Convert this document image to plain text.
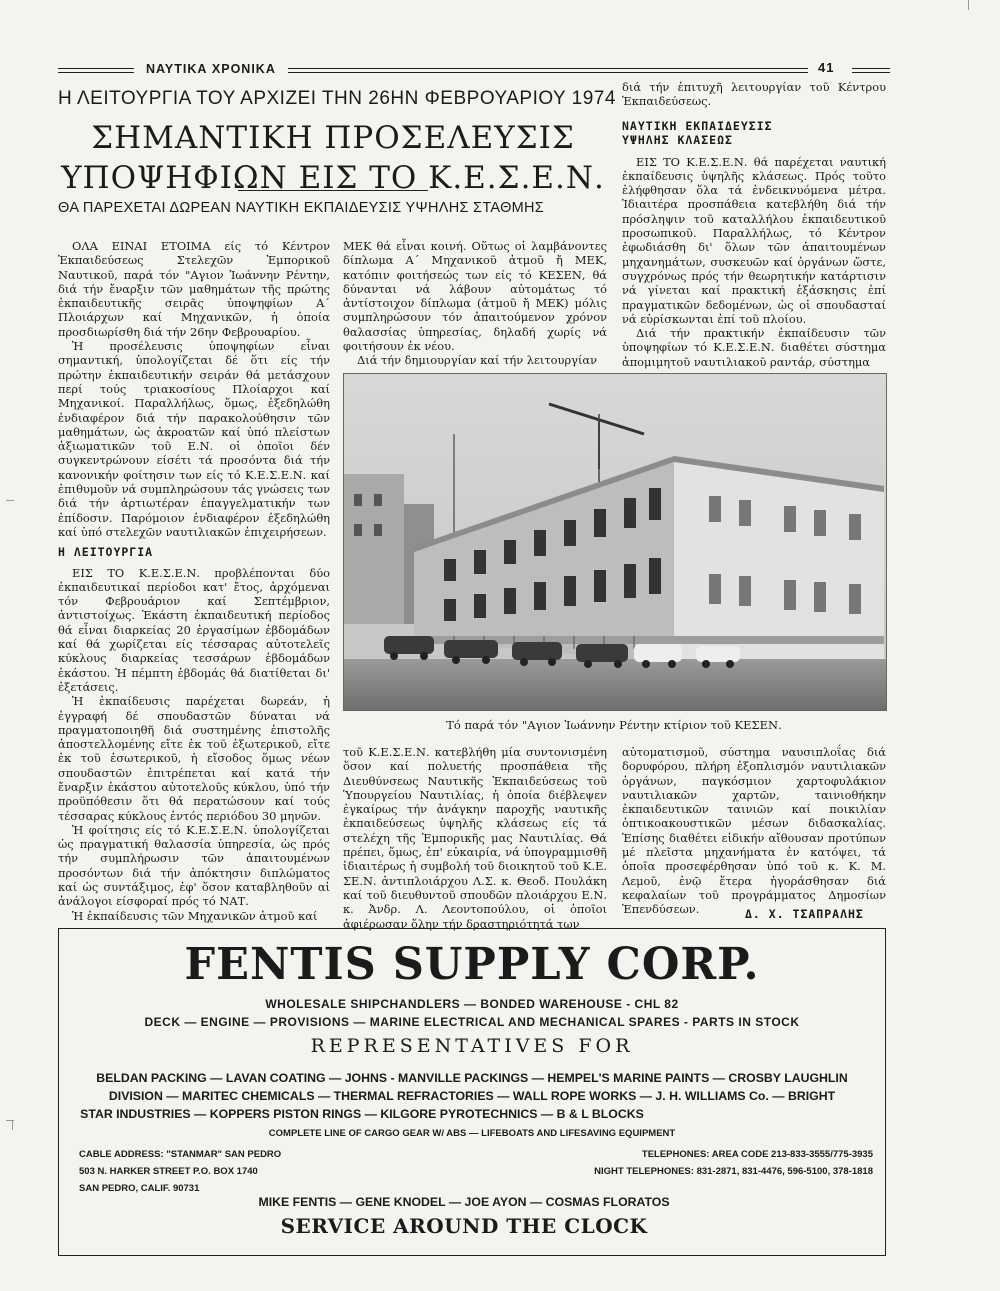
ΝΑΥΤΙΚΑ ΧΡΟΝΙΚΑ	41
Η ΛΕΙΤΟΥΡΓΙΑ ΤΟΥ ΑΡΧΙΖΕΙ ΤΗΝ 26ΗΝ ΦΕΒΡΟΥΑΡΙΟΥ 1974
ΣΗΜΑΝΤΙΚΗ ΠΡΟΣΕΛΕΥΣΙΣ
ΥΠΟΨΗΦΙΩΝ ΕΙΣ ΤΟ Κ.Ε.Σ.Ε.Ν.
ΘΑ ΠΑΡΕΧΕΤΑΙ ΔΩΡΕΑΝ ΝΑΥΤΙΚΗ ΕΚΠΑΙΔΕΥΣΙΣ ΥΨΗΛΗΣ ΣΤΑΘΜΗΣ

ΟΛΑ ΕΙΝΑΙ ΕΤΟΙΜΑ είς τό Κέντρον Ἐκπαιδεύσεως Στελεχῶν Ἐμπορικοῦ Ναυτικοῦ, παρά τόν "Αγιον Ἰωάννην Ρέντην, διά τήν ἔναρξιν τῶν μαθημάτων τῆς πρώτης ἐκπαιδευτικῆς σειρᾶς ὑποψηφίων Α΄ Πλοιάρχων καί Μηχανικῶν, ἡ ὁποία προσδιωρίσθη διά τήν 26ην Φεβρουαρίου.

Ἡ προσέλευσις ὑποψηφίων εἶναι σημαντική, ὑπολογίζεται δέ ὅτι είς τήν πρώτην ἐκπαιδευτικήν σειράν θά μετάσχουν περί τούς τριακοσίους Πλοίαρχοι καί Μηχανικοί. Παραλλήλως, ὅμως, ἐξεδηλώθη ἐνδιαφέρον διά τήν παρακολούθησιν τῶν μαθημάτων, ὡς ἀκροατῶν καί ὑπό πλείστων ἀξιωματικῶν τοῦ Ε.Ν. οἱ ὁποῖοι δέν συγκεντρώνουν είσέτι τά προσόντα διά τήν κανονικήν φοίτησιν των είς τό Κ.Ε.Σ.Ε.Ν. καί ἐπιθυμοῦν νά συμπληρώσουν τάς γνώσεις των διά τήν ἀρτιωτέραν ἐπαγγελματικήν των ἐπίδοσιν. Παρόμοιον ἐνδιαφέρον ἐξεδηλώθη καί ὑπό στελεχῶν ναυτιλιακῶν ἐπιχειρήσεων.

Η ΛΕΙΤΟΥΡΓΙΑ

ΕΙΣ ΤΟ Κ.Ε.Σ.Ε.Ν. προβλέπονται δύο ἐκπαιδευτικαί περίοδοι κατ' ἔτος, ἀρχόμεναι τόν Φεβρουάριον καί Σεπτέμβριον, ἀντιστοίχως. Ἑκάστη ἐκπαιδευτική περίοδος θά εἶναι διαρκείας 20 ἐργασίμων ἑβδομάδων καί θά χωρίζεται είς τέσσαρας αὐτοτελεῖς κύκλους διαρκείας τεσσάρων ἑβδομάδων ἑκάστου. Ἡ πέμπτη ἑβδομάς θά διατίθεται δι' ἐξετάσεις.

Ἡ ἐκπαίδευσις παρέχεται δωρεάν, ἡ ἐγγραφή δέ σπουδαστῶν δύναται νά πραγματοποιηθῆ διά συστημένης ἐπιστολῆς ἀποστελλομένης εἴτε ἐκ τοῦ ἐξωτερικοῦ, εἴτε ἐκ τοῦ ἐσωτερικοῦ, ἡ εἴσοδος ὅμως νέων σπουδαστῶν ἐπιτρέπεται καί κατά τήν ἔναρξιν ἑκάστου αὐτοτελοῦς κύκλου, ὑπό τήν προϋπόθεσιν ὅτι θά περατώσουν καί τούς τέσσαρας κύκλους ἐντός περιόδου 30 μηνῶν.

Ἡ φοίτησις είς τό Κ.Ε.Σ.Ε.Ν. ὑπολογίζεται ὡς πραγματική θαλασσία ὑπηρεσία, ὡς πρός τήν συμπλήρωσιν τῶν ἀπαιτουμένων προσόντων διά τήν ἀπόκτησιν διπλώματος καί ὡς συντάξιμος, ἐφ' ὅσον καταβληθοῦν αἱ ἀνάλογοι είσφοραί πρός τό ΝΑΤ.

Ἡ ἐκπαίδευσις τῶν Μηχανικῶν ἀτμοῦ καί

ΜΕΚ θά εἶναι κοινή. Οὕτως οἱ λαμβάνοντες δίπλωμα Α΄ Μηχανικοῦ ἀτμοῦ ἤ ΜΕΚ, κατόπιν φοιτήσεώς των είς τό ΚΕΣΕΝ, θά δύνανται νά λάβουν αὐτομάτως τό ἀντίστοιχον δίπλωμα (ἀτμοῦ ἤ ΜΕΚ) μόλις συμπληρώσουν τόν ἀπαιτούμενον χρόνον θαλασσίας ὑπηρεσίας, δηλαδή χωρίς νά φοιτήσουν ἐκ νέου.

Διά τήν δημιουργίαν καί τήν λειτουργίαν

διά τήν ἐπιτυχῆ λειτουργίαν τοῦ Κέντρου Ἐκπαιδεύσεως.

ΝΑΥΤΙΚΗ ΕΚΠΑΙΔΕΥΣΙΣ
ΥΨΗΛΗΣ ΚΛΑΣΕΩΣ

ΕΙΣ ΤΟ Κ.Ε.Σ.Ε.Ν. θά παρέχεται ναυτική ἐκπαίδευσις ὑψηλῆς κλάσεως. Πρός τοῦτο ἐλήφθησαν ὅλα τά ἐνδεικνυόμενα μέτρα. Ἰδιαιτέρα προσπάθεια κατεβλήθη διά τήν πρόσληψιν τοῦ καταλλήλου ἐκπαιδευτικοῦ προσωπικοῦ. Παραλλήλως, τό Κέντρον ἐφωδιάσθη δι' ὅλων τῶν ἀπαιτουμένων μηχανημάτων, συσκευῶν καί ὀργάνων ὥστε, συγχρόνως πρός τήν θεωρητικήν κατάρτισιν νά γίνεται καί πρακτική ἐξάσκησις ἐπί πραγματικῶν δεδομένων, ὡς οἱ σπουδασταί νά εὑρίσκωνται ἐπί τοῦ πλοίου.

Διά τήν πρακτικήν ἐκπαίδευσιν τῶν ὑποψηφίων τό Κ.Ε.Σ.Ε.Ν. διαθέτει σύστημα ἀπομιμητοῦ ναυτιλιακοῦ ραντάρ, σύστημα

Τό παρά τόν "Αγιον Ἰωάννην Ρέντην κτίριον τοῦ ΚΕΣΕΝ.

τοῦ Κ.Ε.Σ.Ε.Ν. κατεβλήθη μία συντονισμένη ὅσον καί πολυετής προσπάθεια τῆς Διευθύνσεως Ναυτικῆς Ἐκπαιδεύσεως τοῦ Ὑπουργείου Ναυτιλίας, ἡ ὁποία διέβλεψεν ἐγκαίρως τήν ἀνάγκην παροχῆς ναυτικῆς ἐκπαιδεύσεως ὑψηλῆς κλάσεως είς τά στελέχη τῆς Ἐμπορικῆς μας Ναυτιλίας. Θά πρέπει, ὅμως, ἐπ' εὐκαιρία, νά ὑπογραμμισθῆ ἰδιαιτέρως ἡ συμβολή τοῦ διοικητοῦ τοῦ Κ.Ε. ΣΕ.Ν. ἀντιπλοιάρχου Λ.Σ. κ. Θεοδ. Πουλάκη καί τοῦ διευθυντοῦ σπουδῶν πλοιάρχου Ε.Ν. κ. Ἀνδρ. Λ. Λεοντοπούλου, οἱ ὁποῖοι ἀφιέρωσαν ὅλην τήν δραστηριότητά των

αὐτοματισμοῦ, σύστημα ναυσιπλοΐας διά δορυφόρου, πλήρη ἐξοπλισμόν ναυτιλιακῶν ὀργάνων, παγκόσμιον χαρτοφυλάκιον ναυτιλιακῶν χαρτῶν, ταινιοθήκην ἐκπαιδευτικῶν ταινιῶν καί ποικιλίαν ὀπτικοακουστικῶν μέσων διδασκαλίας. Ἐπίσης διαθέτει εἰδικήν αἴθουσαν προτύπων μέ πλεῖστα μηχανήματα ἐν κατόψει, τά ὁποῖα προσεφέρθησαν ὑπό τοῦ κ. Κ. Μ. Λεμοῦ, ἐνῷ ἕτερα ἠγοράσθησαν διά κεφαλαίων τοῦ προγράμματος Δημοσίων Ἐπενδύσεων.	Δ. Χ. ΤΣΑΠΡΑΛΗΣ
FENTIS SUPPLY CORP.
WHOLESALE SHIPCHANDLERS — BONDED WAREHOUSE - CHL 82
DECK — ENGINE — PROVISIONS — MARINE ELECTRICAL AND MECHANICAL SPARES - PARTS IN STOCK
REPRESENTATIVES FOR
BELDAN PACKING — LAVAN COATING — JOHNS - MANVILLE PACKINGS — HEMPEL'S MARINE PAINTS — CROSBY LAUGHLIN
DIVISION — MARITEC CHEMICALS — THERMAL REFRACTORIES — WALL ROPE WORKS — J. H. WILLIAMS Co. — BRIGHT
STAR INDUSTRIES — KOPPERS PISTON RINGS — KILGORE PYROTECHNICS — B & L BLOCKS
COMPLETE LINE OF CARGO GEAR W/ ABS — LIFEBOATS AND LIFESAVING EQUIPMENT
CABLE ADDRESS: "STANMAR" SAN PEDRO
503 N. HARKER STREET P.O. BOX 1740
SAN PEDRO, CALIF. 90731
TELEPHONES: AREA CODE 213-833-3555/775-3935
NIGHT TELEPHONES: 831-2871, 831-4476, 596-5100, 378-1818
MIKE FENTIS — GENE KNODEL — JOE AYON — COSMAS FLORATOS
SERVICE AROUND THE CLOCK
